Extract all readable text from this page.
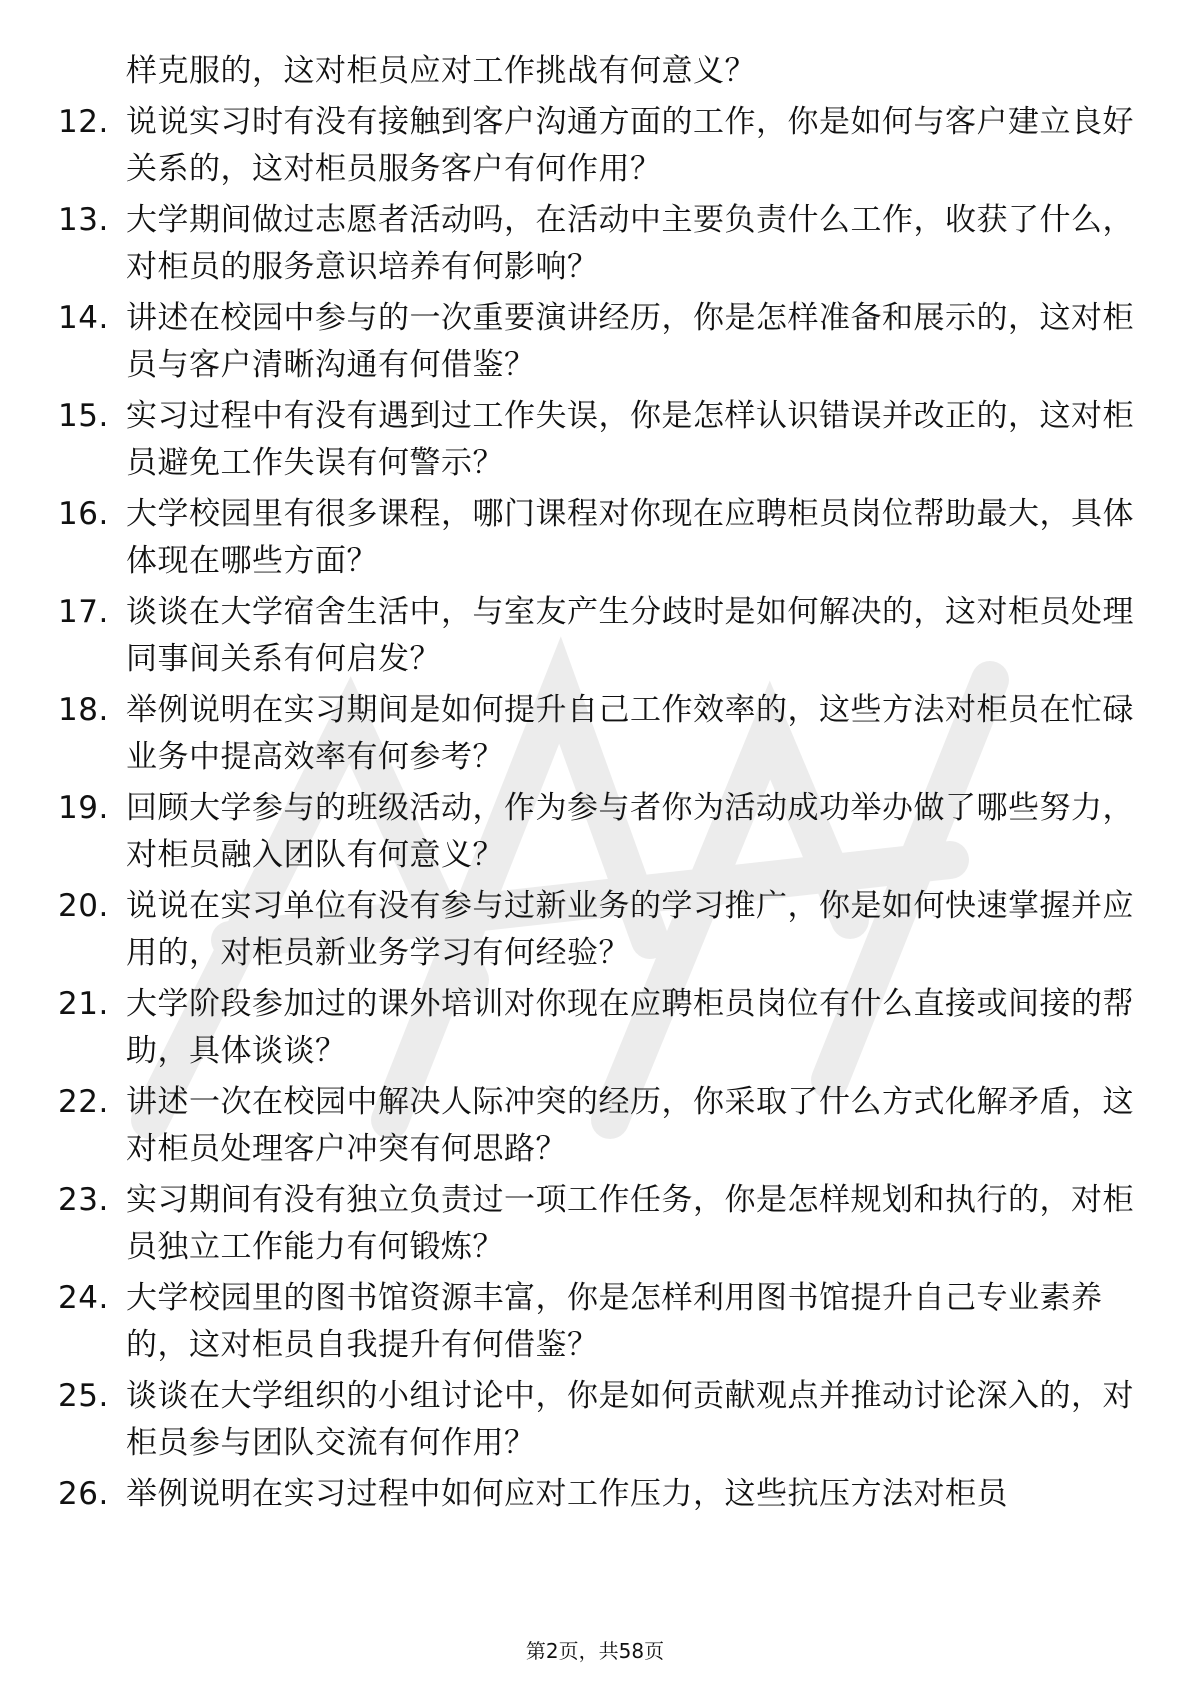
样克服的，这对柜员应对工作挑战有何意义？
12. 说说实习时有没有接触到客户沟通方面的工作，你是如何与客户建立良好关系的，这对柜员服务客户有何作用？
13. 大学期间做过志愿者活动吗，在活动中主要负责什么工作，收获了什么，对柜员的服务意识培养有何影响？
14. 讲述在校园中参与的一次重要演讲经历，你是怎样准备和展示的，这对柜员与客户清晰沟通有何借鉴？
15. 实习过程中有没有遇到过工作失误，你是怎样认识错误并改正的，这对柜员避免工作失误有何警示？
16. 大学校园里有很多课程，哪门课程对你现在应聘柜员岗位帮助最大，具体体现在哪些方面？
17. 谈谈在大学宿舍生活中，与室友产生分歧时是如何解决的，这对柜员处理同事间关系有何启发？
18. 举例说明在实习期间是如何提升自己工作效率的，这些方法对柜员在忙碌业务中提高效率有何参考？
19. 回顾大学参与的班级活动，作为参与者你为活动成功举办做了哪些努力，对柜员融入团队有何意义？
20. 说说在实习单位有没有参与过新业务的学习推广，你是如何快速掌握并应用的，对柜员新业务学习有何经验？
21. 大学阶段参加过的课外培训对你现在应聘柜员岗位有什么直接或间接的帮助，具体谈谈？
22. 讲述一次在校园中解决人际冲突的经历，你采取了什么方式化解矛盾，这对柜员处理客户冲突有何思路？
23. 实习期间有没有独立负责过一项工作任务，你是怎样规划和执行的，对柜员独立工作能力有何锻炼？
24. 大学校园里的图书馆资源丰富，你是怎样利用图书馆提升自己专业素养的，这对柜员自我提升有何借鉴？
25. 谈谈在大学组织的小组讨论中，你是如何贡献观点并推动讨论深入的，对柜员参与团队交流有何作用？
26. 举例说明在实习过程中如何应对工作压力，这些抗压方法对柜员
第2页，共58页
